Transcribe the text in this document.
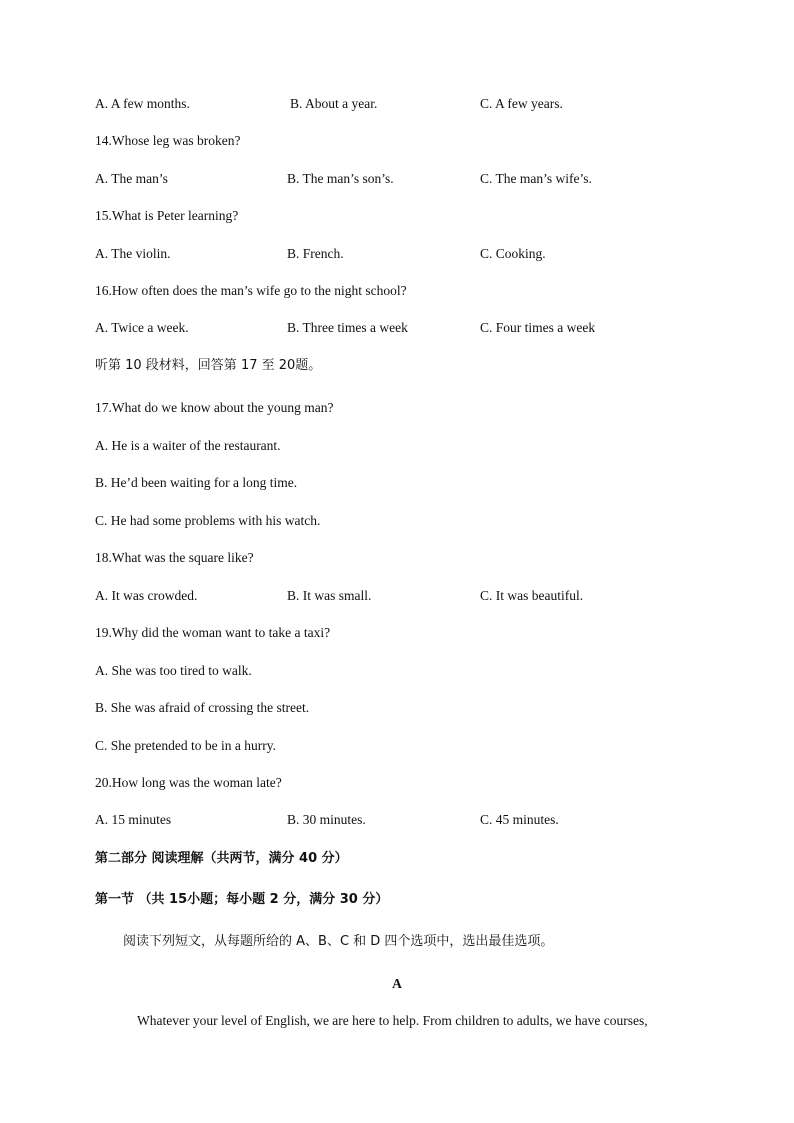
A. A few months.	B. About a year.	C. A few years.
14.Whose leg was broken?
A. The man’s	B. The man’s son’s.	C. The man’s wife’s.
15.What is Peter learning?
A. The violin.	B. French.	C. Cooking.
16.How often does the man’s wife go to the night school?
A. Twice a week.	B. Three times a week	C. Four times a week
听第 10 段材料，回答第 17 至 20题。
17.What do we know about the young man?
A. He is a waiter of the restaurant.
B. He’d been waiting for a long time.
C. He had some problems with his watch.
18.What was the square like?
A. It was crowded.	B. It was small.	C. It was beautiful.
19.Why did the woman want to take a taxi?
A. She was too tired to walk.
B. She was afraid of crossing the street.
C. She pretended to be in a hurry.
20.How long was the woman late?
A. 15 minutes	B. 30 minutes.	C. 45 minutes.
第二部分 阅读理解（共两节，满分 40 分）
第一节 （共 15小题；每小题 2 分，满分 30 分）
阅读下列短文，从每题所给的 A、B、C 和 D 四个选项中，选出最佳选项。
A
Whatever your level of English, we are here to help. From children to adults, we have courses,
